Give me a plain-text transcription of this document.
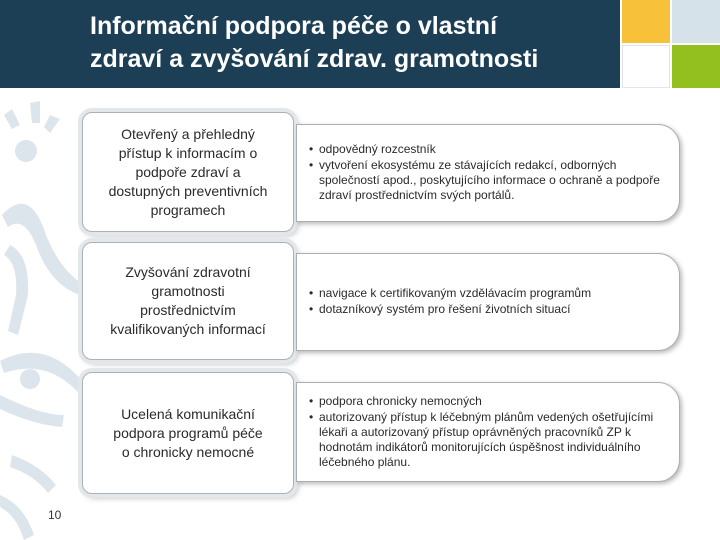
Informační podpora péče o vlastní
zdraví a zvyšování zdrav. gramotnosti
Otevřený a přehledný
přístup k informacím o
podpoře zdraví a
dostupných preventivních
programech
• odpovědný rozcestník
• vytvoření ekosystému ze stávajících redakcí, odborných společností apod., poskytujícího informace o ochraně a podpoře zdraví prostřednictvím svých portálů.
Zvyšování zdravotní
gramotnosti
prostřednictvím
kvalifikovaných informací
• navigace k certifikovaným vzdělávacím programům
• dotazníkový systém pro řešení životních situací
Ucelená komunikační
podpora programů péče
o chronicky nemocné
• podpora chronicky nemocných
• autorizovaný přístup k léčebným plánům vedených ošetřujícími lékaři a autorizovaný přístup oprávněných pracovníků ZP k hodnotám indikátorů monitorujících úspěšnost individuálního léčebného plánu.
10
